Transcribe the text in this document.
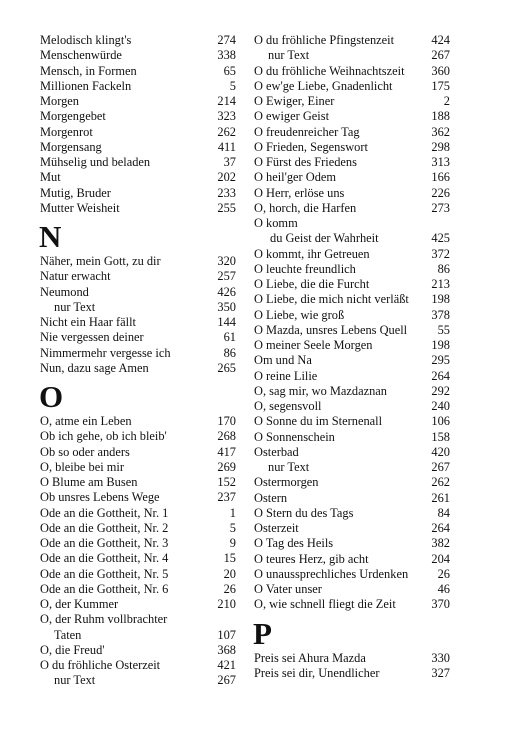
Melodisch klingt's	274
Menschenwürde	338
Mensch, in Formen	65
Millionen Fackeln	5
Morgen	214
Morgengebet	323
Morgenrot	262
Morgensang	411
Mühselig und beladen	37
Mut	202
Mutig, Bruder	233
Mutter Weisheit	255
N
Näher, mein Gott, zu dir	320
Natur erwacht	257
Neumond	426
nur Text	350
Nicht ein Haar fällt	144
Nie vergessen deiner	61
Nimmermehr vergesse ich	86
Nun, dazu sage Amen	265
O
O, atme ein Leben	170
Ob ich gehe, ob ich bleib'	268
Ob so oder anders	417
O, bleibe bei mir	269
O Blume am Busen	152
Ob unsres Lebens Wege	237
Ode an die Gottheit, Nr. 1	1
Ode an die Gottheit, Nr. 2	5
Ode an die Gottheit, Nr. 3	9
Ode an die Gottheit, Nr. 4	15
Ode an die Gottheit, Nr. 5	20
Ode an die Gottheit, Nr. 6	26
O, der Kummer	210
O, der Ruhm vollbrachter
Taten	107
O, die Freud'	368
O du fröhliche Osterzeit	421
nur Text	267
O du fröhliche Pfingstenzeit	424
nur Text	267
O du fröhliche Weihnachtszeit 360
O ew'ge Liebe, Gnadenlicht	175
O Ewiger, Einer	2
O ewiger Geist	188
O freudenreicher Tag	362
O Frieden, Segenswort	298
O Fürst des Friedens	313
O heil'ger Odem	166
O Herr, erlöse uns	226
O, horch, die Harfen	273
O komm
du Geist der Wahrheit	425
O kommt, ihr Getreuen	372
O leuchte freundlich	86
O Liebe, die die Furcht	213
O Liebe, die mich nicht verläßt 198
O Liebe, wie groß	378
O Mazda, unsres Lebens Quell 55
O meiner Seele Morgen	198
Om und Na	295
O reine Lilie	264
O, sag mir, wo Mazdaznan	292
O, segensvoll	240
O Sonne du im Sternenall	106
O Sonnenschein	158
Osterbad	420
nur Text	267
Ostermorgen	262
Ostern	261
O Stern du des Tags	84
Osterzeit	264
O Tag des Heils	382
O teures Herz, gib acht	204
O unaussprechliches Urdenken 26
O Vater unser	46
O, wie schnell fliegt die Zeit	370
P
Preis sei Ahura Mazda	330
Preis sei dir, Unendlicher	327
